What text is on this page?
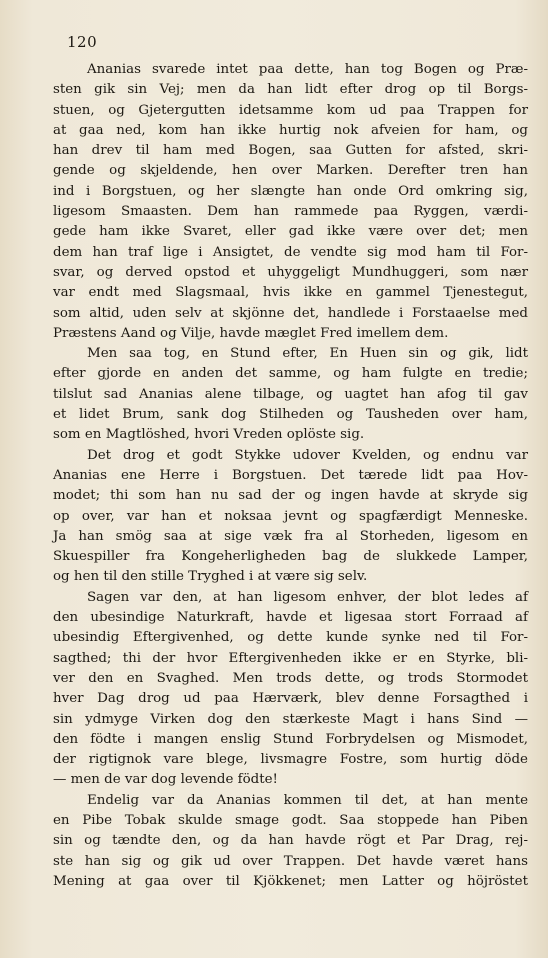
120
Ananias svarede intet paa dette, han tog Bogen og Præ-
sten gik sin Vej; men da han lidt efter drog op til Borgs-
stuen, og Gjetergutten idetsamme kom ud paa Trappen for
at gaa ned, kom han ikke hurtig nok afveien for ham, og
han drev til ham med Bogen, saa Gutten for afsted, skri-
gende og skjeldende, hen over Marken. Derefter tren han
ind i Borgstuen, og her slængte han onde Ord omkring sig,
ligesom Smaasten. Dem han rammede paa Ryggen, værdi-
gede ham ikke Svaret, eller gad ikke være over det; men
dem han traf lige i Ansigtet, de vendte sig mod ham til For-
svar, og derved opstod et uhyggeligt Mundhuggeri, som nær
var endt med Slagsmaal, hvis ikke en gammel Tjenestegut,
som altid, uden selv at skjönne det, handlede i Forstaaelse med
Præstens Aand og Vilje, havde mæglet Fred imellem dem.
Men saa tog, en Stund efter, En Huen sin og gik, lidt
efter gjorde en anden det samme, og ham fulgte en tredie;
tilslut sad Ananias alene tilbage, og uagtet han afog til gav
et lidet Brum, sank dog Stilheden og Tausheden over ham,
som en Magtlöshed, hvori Vreden oplöste sig.
Det drog et godt Stykke udover Kvelden, og endnu var
Ananias ene Herre i Borgstuen. Det tærede lidt paa Hov-
modet; thi som han nu sad der og ingen havde at skryde sig
op over, var han et noksaa jevnt og spagfærdigt Menneske.
Ja han smög saa at sige væk fra al Storheden, ligesom en
Skuespiller fra Kongeherligheden bag de slukkede Lamper,
og hen til den stille Tryghed i at være sig selv.
Sagen var den, at han ligesom enhver, der blot ledes af
den ubesindige Naturkraft, havde et ligesaa stort Forraad af
ubesindig Eftergivenhed, og dette kunde synke ned til For-
sagthed; thi der hvor Eftergivenheden ikke er en Styrke, bli-
ver den en Svaghed. Men trods dette, og trods Stormodet
hver Dag drog ud paa Hærværk, blev denne Forsagthed i
sin ydmyge Virken dog den stærkeste Magt i hans Sind —
den födte i mangen enslig Stund Forbrydelsen og Mismodet,
der rigtignok vare blege, livsmagre Fostre, som hurtig döde
— men de var dog levende födte!
Endelig var da Ananias kommen til det, at han mente
en Pibe Tobak skulde smage godt. Saa stoppede han Piben
sin og tændte den, og da han havde rögt et Par Drag, rej-
ste han sig og gik ud over Trappen. Det havde været hans
Mening at gaa over til Kjökkenet; men Latter og höjröstet
